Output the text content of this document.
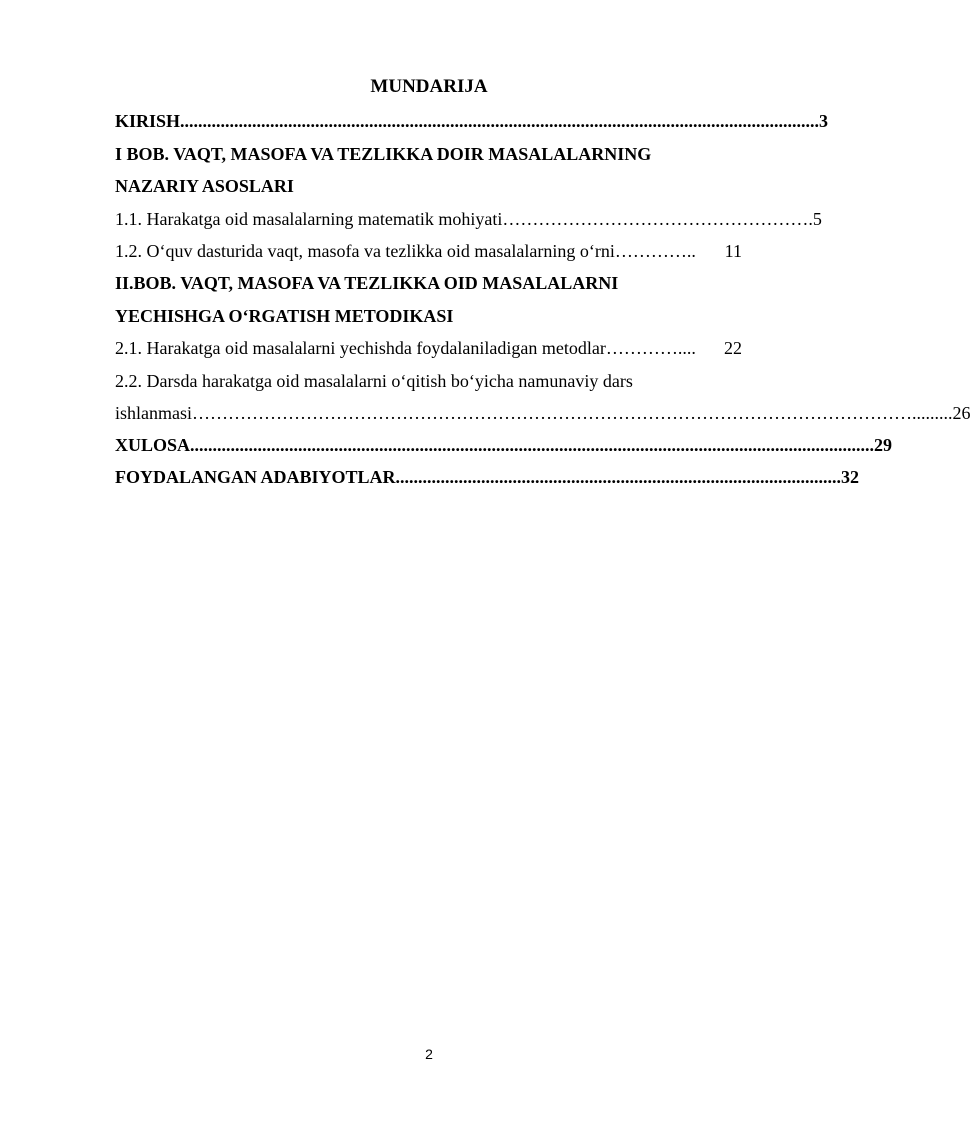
MUNDARIJA
KIRISH .............................................................................................................................................. 3
I BOB. VAQT, MASOFA VA TEZLIKKA DOIR MASALALARNING
NAZARIY ASOSLARI
1.1. Harakatga oid masalalarning matematik mohiyati ……………………………………………. 5
1.2. O‘quv dasturida vaqt, masofa va tezlikka oid masalalarning o‘rni …………..	11
II.BOB. VAQT, MASOFA VA TEZLIKKA OID MASALALARNI
YECHISHGA O‘RGATISH METODIKASI
2.1. Harakatga oid masalalarni yechishda foydalaniladigan metodlar …………....	22
2.2. Darsda harakatga oid masalalarni o‘qitish bo‘yicha namunaviy dars
ishlanmasi …………………………………………………………………………………………………………......... 26
XULOSA ........................................................................................................................................................ 29
FOYDALANGAN ADABIYOTLAR ................................................................................................... 32
2
